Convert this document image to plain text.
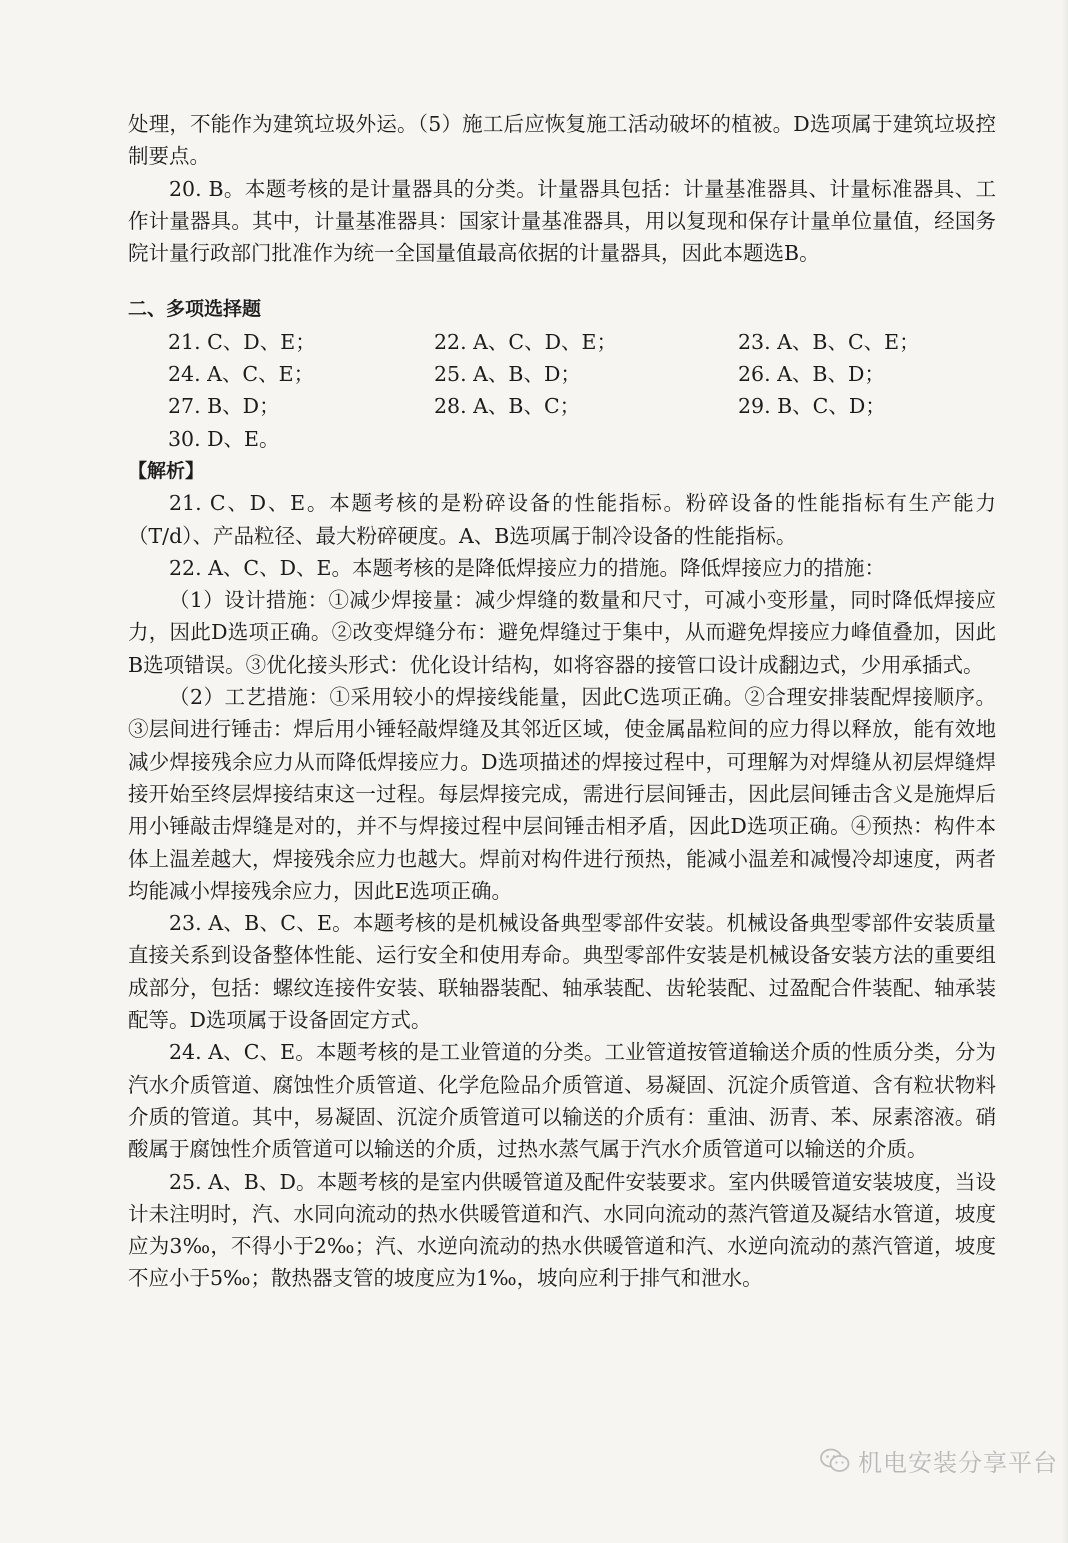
处理，不能作为建筑垃圾外运。（5）施工后应恢复施工活动破坏的植被。D选项属于建筑垃圾控制要点。

20. B。本题考核的是计量器具的分类。计量器具包括：计量基准器具、计量标准器具、工作计量器具。其中，计量基准器具：国家计量基准器具，用以复现和保存计量单位量值，经国务院计量行政部门批准作为统一全国量值最高依据的计量器具，因此本题选B。

二、多项选择题

21. C、D、E；	22. A、C、D、E；	23. A、B、C、E；
24. A、C、E；	25. A、B、D；	26. A、B、D；
27. B、D；	28. A、B、C；	29. B、C、D；
30. D、E。

【解析】

21. C、D、E。本题考核的是粉碎设备的性能指标。粉碎设备的性能指标有生产能力（T/d）、产品粒径、最大粉碎硬度。A、B选项属于制冷设备的性能指标。

22. A、C、D、E。本题考核的是降低焊接应力的措施。降低焊接应力的措施：

（1）设计措施：①减少焊接量：减少焊缝的数量和尺寸，可减小变形量，同时降低焊接应力，因此D选项正确。②改变焊缝分布：避免焊缝过于集中，从而避免焊接应力峰值叠加，因此B选项错误。③优化接头形式：优化设计结构，如将容器的接管口设计成翻边式，少用承插式。

（2）工艺措施：①采用较小的焊接线能量，因此C选项正确。②合理安排装配焊接顺序。③层间进行锤击：焊后用小锤轻敲焊缝及其邻近区域，使金属晶粒间的应力得以释放，能有效地减少焊接残余应力从而降低焊接应力。D选项描述的焊接过程中，可理解为对焊缝从初层焊缝焊接开始至终层焊接结束这一过程。每层焊接完成，需进行层间锤击，因此层间锤击含义是施焊后用小锤敲击焊缝是对的，并不与焊接过程中层间锤击相矛盾，因此D选项正确。④预热：构件本体上温差越大，焊接残余应力也越大。焊前对构件进行预热，能减小温差和减慢冷却速度，两者均能减小焊接残余应力，因此E选项正确。

23. A、B、C、E。本题考核的是机械设备典型零部件安装。机械设备典型零部件安装质量直接关系到设备整体性能、运行安全和使用寿命。典型零部件安装是机械设备安装方法的重要组成部分，包括：螺纹连接件安装、联轴器装配、轴承装配、齿轮装配、过盈配合件装配、轴承装配等。D选项属于设备固定方式。

24. A、C、E。本题考核的是工业管道的分类。工业管道按管道输送介质的性质分类，分为汽水介质管道、腐蚀性介质管道、化学危险品介质管道、易凝固、沉淀介质管道、含有粒状物料介质的管道。其中，易凝固、沉淀介质管道可以输送的介质有：重油、沥青、苯、尿素溶液。硝酸属于腐蚀性介质管道可以输送的介质，过热水蒸气属于汽水介质管道可以输送的介质。

25. A、B、D。本题考核的是室内供暖管道及配件安装要求。室内供暖管道安装坡度，当设计未注明时，汽、水同向流动的热水供暖管道和汽、水同向流动的蒸汽管道及凝结水管道，坡度应为3‰，不得小于2‰；汽、水逆向流动的热水供暖管道和汽、水逆向流动的蒸汽管道，坡度不应小于5‰；散热器支管的坡度应为1‰，坡向应利于排气和泄水。

机电安装分享平台
